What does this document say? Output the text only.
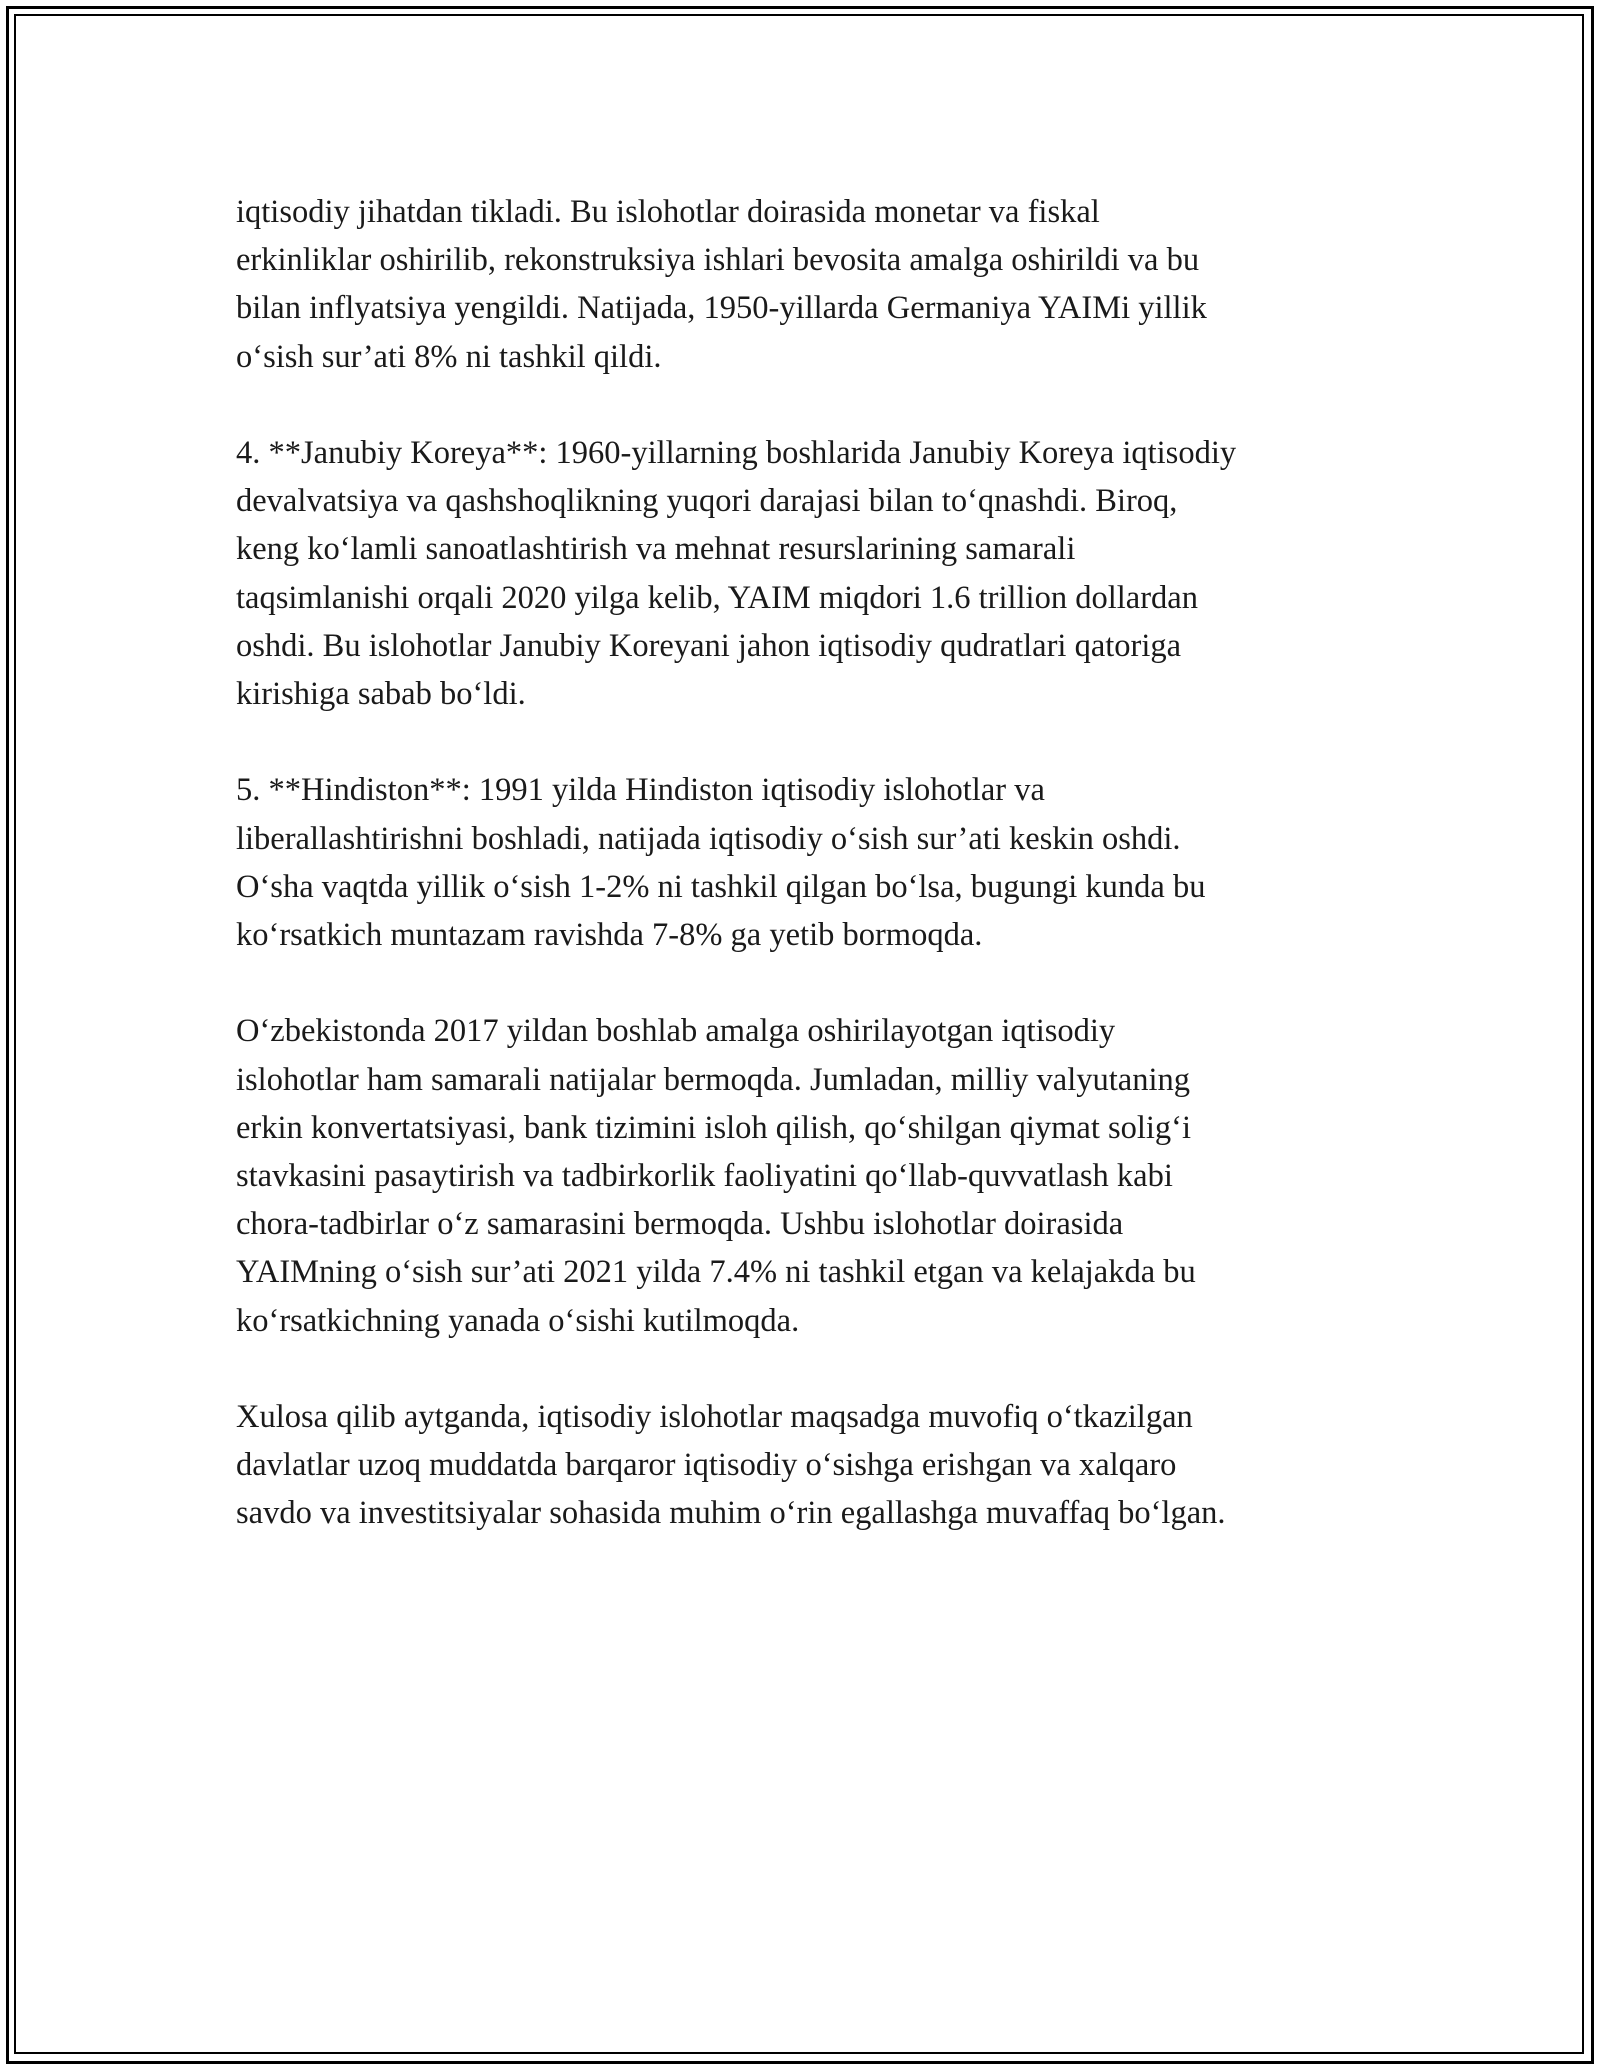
iqtisodiy jihatdan tikladi. Bu islohotlar doirasida monetar va fiskal
erkinliklar oshirilib, rekonstruksiya ishlari bevosita amalga oshirildi va bu
bilan inflyatsiya yengildi. Natijada, 1950-yillarda Germaniya YAIMi yillik
o‘sish sur’ati 8% ni tashkil qildi.

4. **Janubiy Koreya**: 1960-yillarning boshlarida Janubiy Koreya iqtisodiy
devalvatsiya va qashshoqlikning yuqori darajasi bilan to‘qnashdi. Biroq,
keng ko‘lamli sanoatlashtirish va mehnat resurslarining samarali
taqsimlanishi orqali 2020 yilga kelib, YAIM miqdori 1.6 trillion dollardan
oshdi. Bu islohotlar Janubiy Koreyani jahon iqtisodiy qudratlari qatoriga
kirishiga sabab bo‘ldi.

5. **Hindiston**: 1991 yilda Hindiston iqtisodiy islohotlar va
liberallashtirishni boshladi, natijada iqtisodiy o‘sish sur’ati keskin oshdi.
O‘sha vaqtda yillik o‘sish 1-2% ni tashkil qilgan bo‘lsa, bugungi kunda bu
ko‘rsatkich muntazam ravishda 7-8% ga yetib bormoqda.

O‘zbekistonda 2017 yildan boshlab amalga oshirilayotgan iqtisodiy
islohotlar ham samarali natijalar bermoqda. Jumladan, milliy valyutaning
erkin konvertatsiyasi, bank tizimini isloh qilish, qo‘shilgan qiymat solig‘i
stavkasini pasaytirish va tadbirkorlik faoliyatini qo‘llab-quvvatlash kabi
chora-tadbirlar o‘z samarasini bermoqda. Ushbu islohotlar doirasida
YAIMning o‘sish sur’ati 2021 yilda 7.4% ni tashkil etgan va kelajakda bu
ko‘rsatkichning yanada o‘sishi kutilmoqda.

Xulosa qilib aytganda, iqtisodiy islohotlar maqsadga muvofiq o‘tkazilgan
davlatlar uzoq muddatda barqaror iqtisodiy o‘sishga erishgan va xalqaro
savdo va investitsiyalar sohasida muhim o‘rin egallashga muvaffaq bo‘lgan.
